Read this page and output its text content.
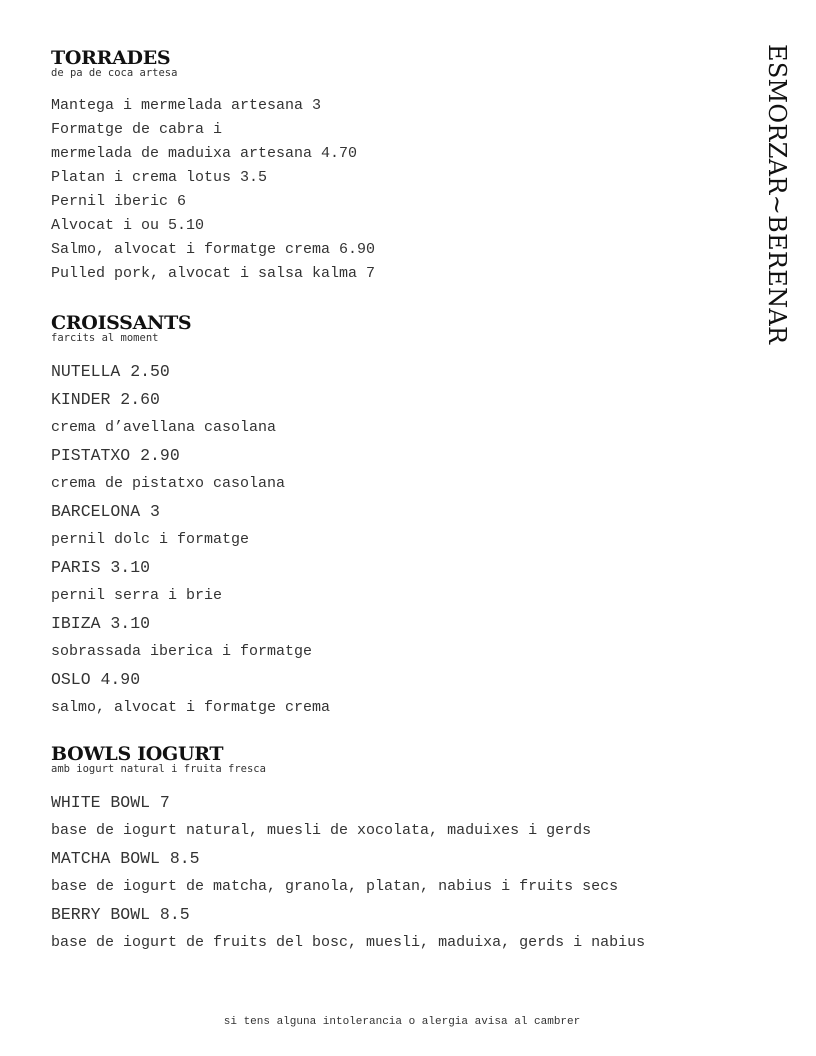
ESMORZAR~BERENAR
TORRADES
de pa de coca artesa
Mantega i mermelada artesana 3
Formatge de cabra i
mermelada de maduixa artesana 4.70
Platan i crema lotus 3.5
Pernil iberic 6
Alvocat i ou 5.10
Salmo, alvocat i formatge crema 6.90
Pulled pork, alvocat i salsa kalma 7
CROISSANTS
farcits al moment
NUTELLA 2.50
KINDER 2.60
crema d’avellana casolana
PISTATXO 2.90
crema de pistatxo casolana
BARCELONA 3
pernil dolc i formatge
PARIS 3.10
pernil serra i brie
IBIZA 3.10
sobrassada iberica i formatge
OSLO 4.90
salmo, alvocat i formatge crema
BOWLS IOGURT
amb iogurt natural i fruita fresca
WHITE BOWL 7
base de iogurt natural, muesli de xocolata, maduixes i gerds
MATCHA BOWL 8.5
base de iogurt de matcha, granola, platan, nabius i fruits secs
BERRY BOWL 8.5
base de iogurt de fruits del bosc, muesli, maduixa, gerds i nabius
si tens alguna intolerancia o alergia avisa al cambrer
